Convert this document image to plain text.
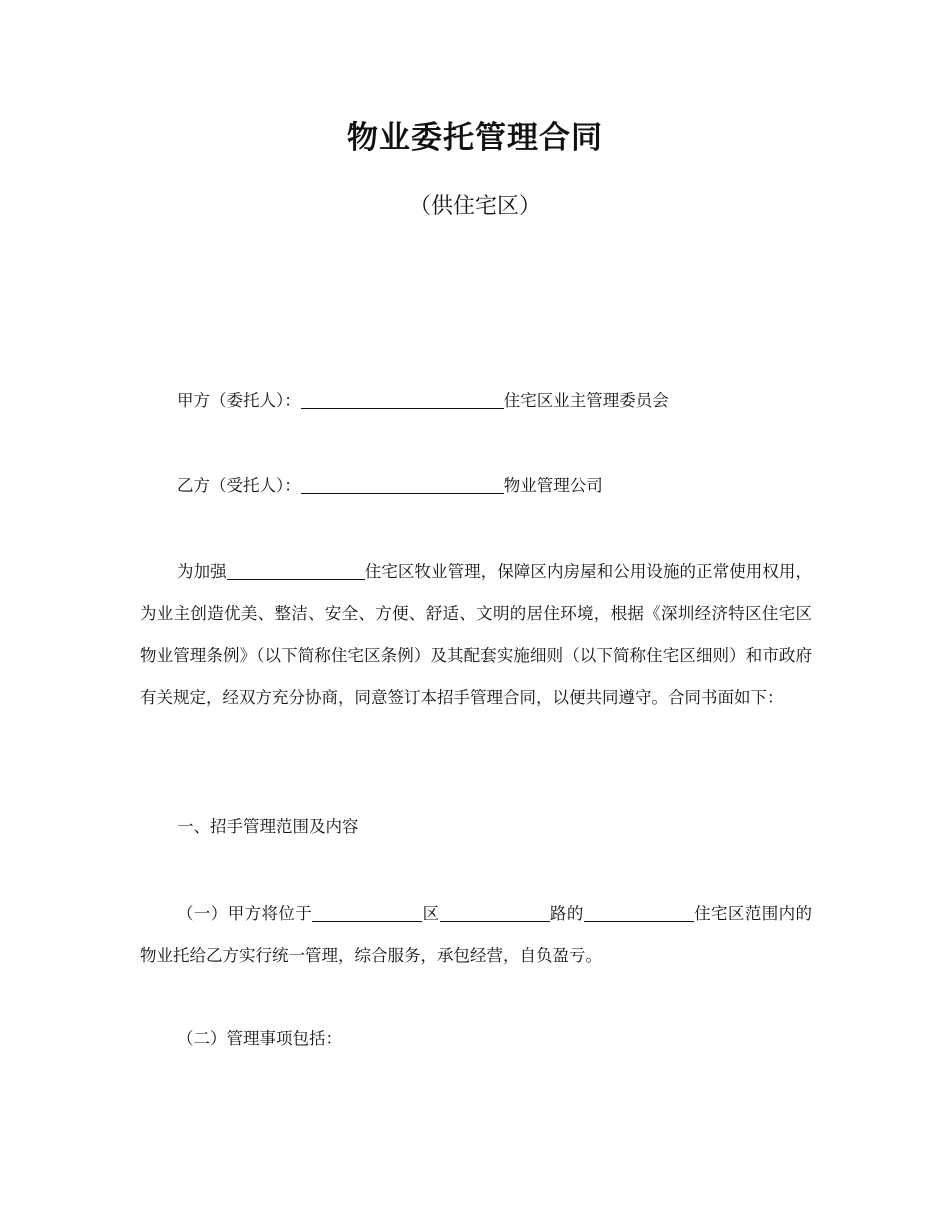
物业委托管理合同

（供住宅区）

甲方（委托人）：	住宅区业主管理委员会

乙方（受托人）：	物业管理公司

为加强	住宅区牧业管理，保障区内房屋和公用设施的正常使用权用，为业主创造优美、整洁、安全、方便、舒适、文明的居住环境，根据《深圳经济特区住宅区物业管理条例》（以下简称住宅区条例）及其配套实施细则（以下简称住宅区细则）和市政府有关规定，经双方充分协商，同意签订本招手管理合同，以便共同遵守。合同书面如下：

一、招手管理范围及内容

（一）甲方将位于	区	路的	住宅区范围内的物业托给乙方实行统一管理，综合服务，承包经营，自负盈亏。

（二）管理事项包括：
